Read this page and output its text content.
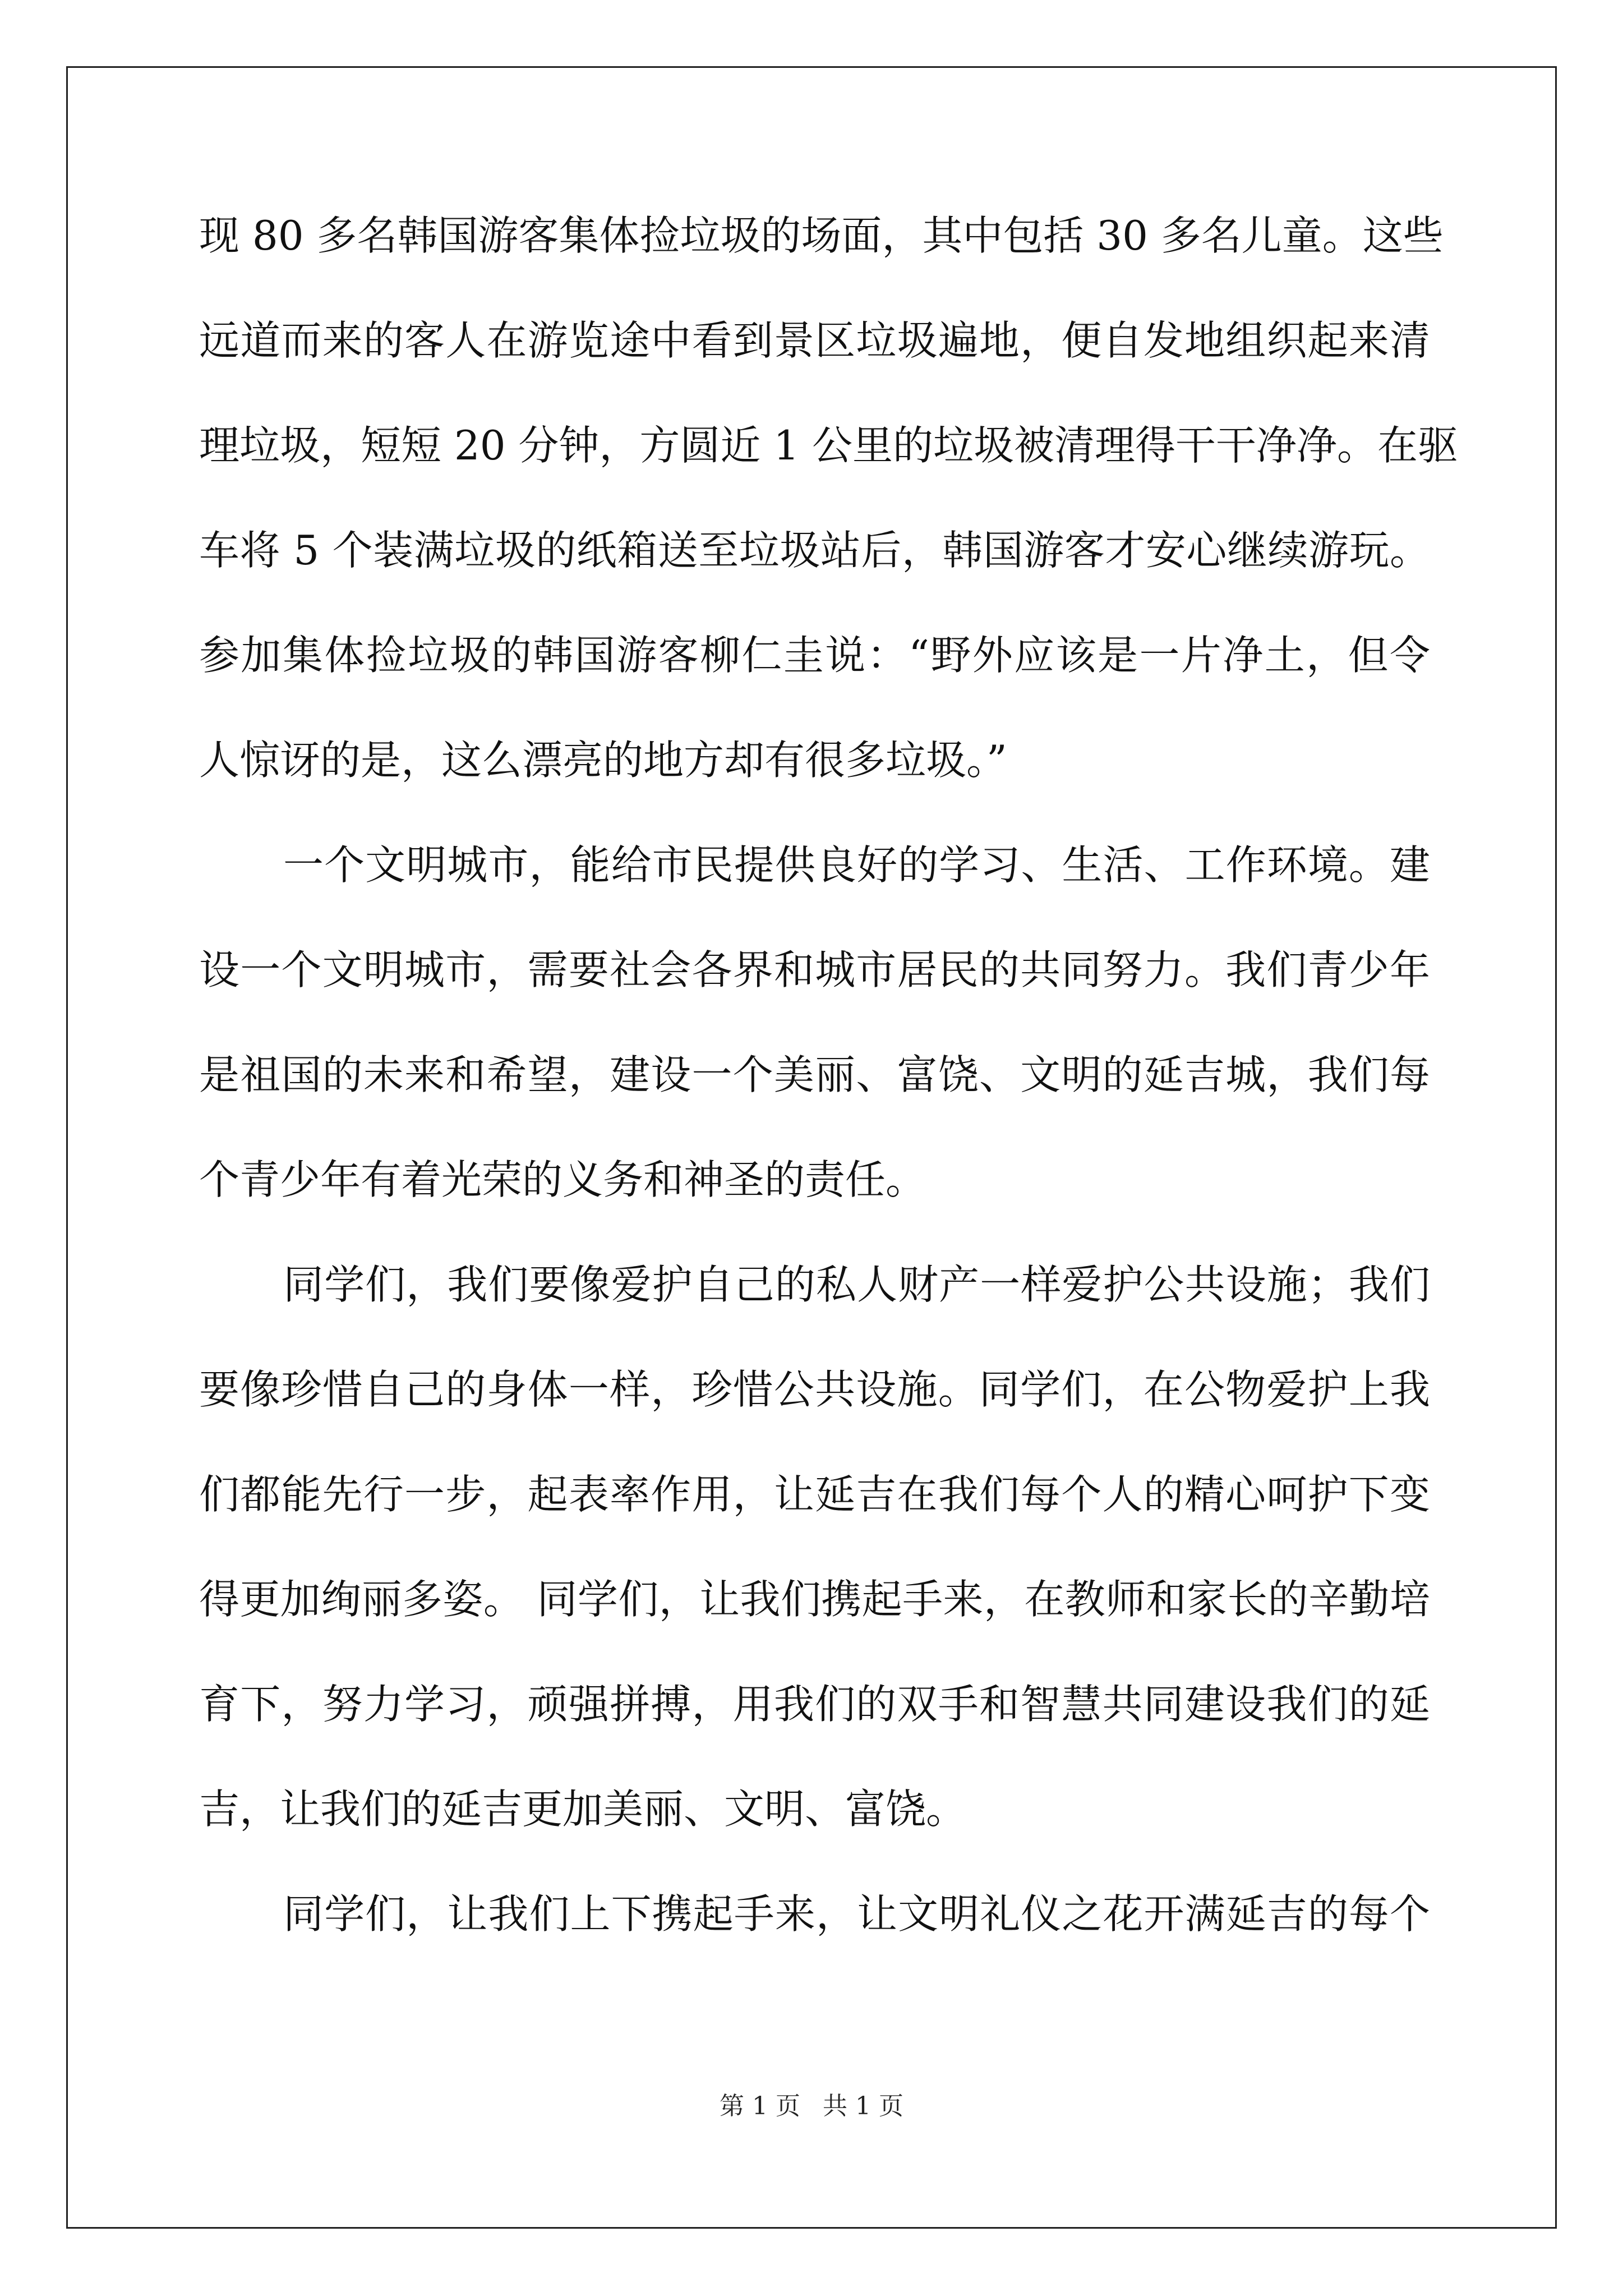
现 80 多名韩国游客集体捡垃圾的场面，其中包括 30 多名儿童。这些
远道而来的客人在游览途中看到景区垃圾遍地，便自发地组织起来清
理垃圾，短短 20 分钟，方圆近 1 公里的垃圾被清理得干干净净。在驱
车将 5 个装满垃圾的纸箱送至垃圾站后，韩国游客才安心继续游玩。
参加集体捡垃圾的韩国游客柳仁圭说：“野外应该是一片净土，但令
人惊讶的是，这么漂亮的地方却有很多垃圾。”
一个文明城市，能给市民提供良好的学习、生活、工作环境。建
设一个文明城市，需要社会各界和城市居民的共同努力。我们青少年
是祖国的未来和希望，建设一个美丽、富饶、文明的延吉城，我们每
个青少年有着光荣的义务和神圣的责任。
同学们，我们要像爱护自己的私人财产一样爱护公共设施；我们
要像珍惜自己的身体一样，珍惜公共设施。同学们，在公物爱护上我
们都能先行一步，起表率作用，让延吉在我们每个人的精心呵护下变
得更加绚丽多姿。 同学们，让我们携起手来，在教师和家长的辛勤培
育下，努力学习，顽强拼搏，用我们的双手和智慧共同建设我们的延
吉，让我们的延吉更加美丽、文明、富饶。
同学们，让我们上下携起手来，让文明礼仪之花开满延吉的每个
第 1 页 共 1 页
